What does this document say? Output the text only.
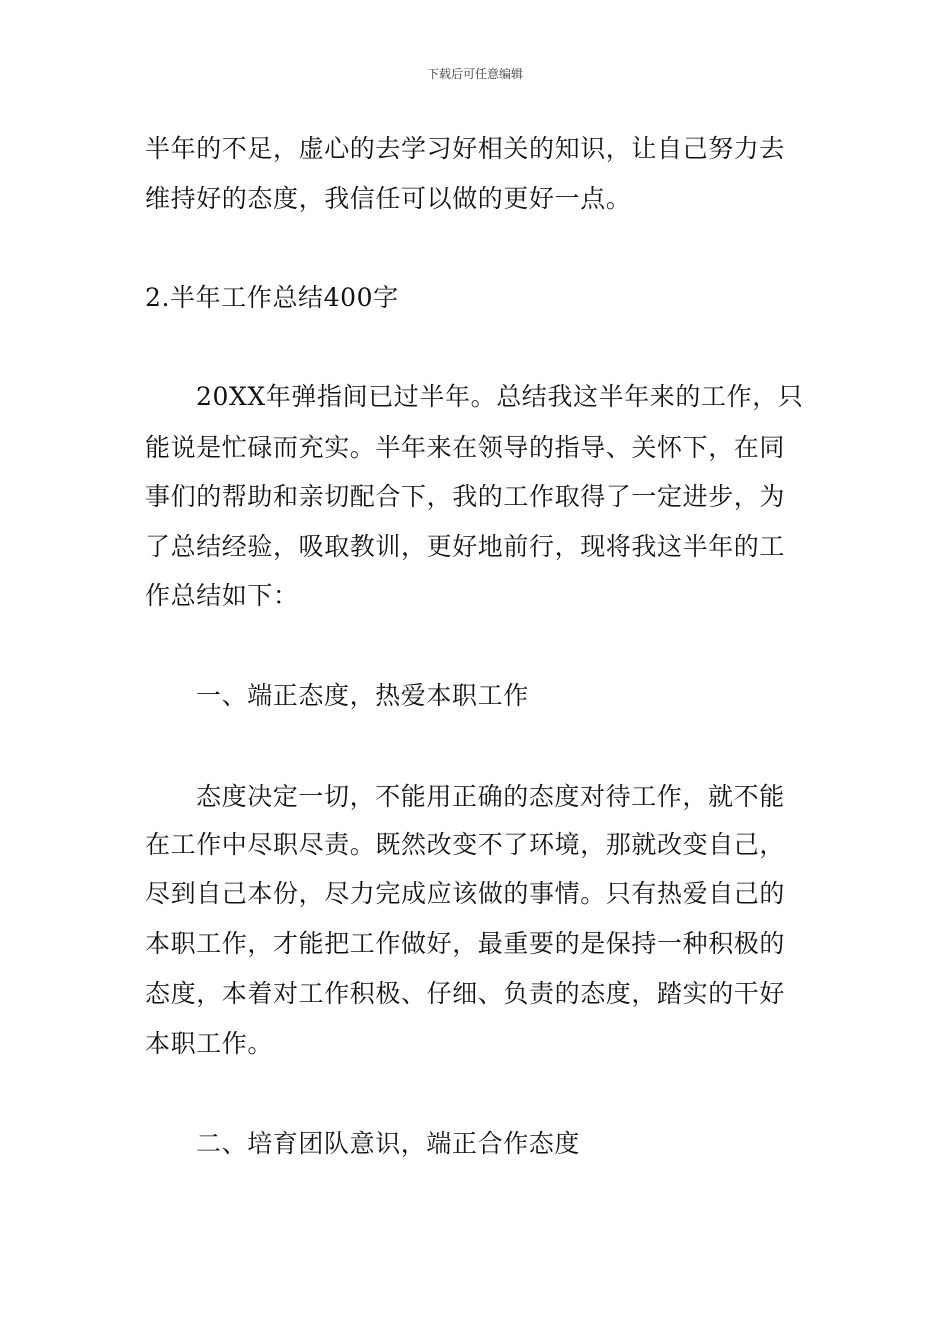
下载后可任意编辑
半年的不足，虚心的去学习好相关的知识，让自己努力去
维持好的态度，我信任可以做的更好一点。
2.半年工作总结400字
20XX年弹指间已过半年。总结我这半年来的工作，只
能说是忙碌而充实。半年来在领导的指导、关怀下，在同
事们的帮助和亲切配合下，我的工作取得了一定进步，为
了总结经验，吸取教训，更好地前行，现将我这半年的工
作总结如下：
一、端正态度，热爱本职工作
态度决定一切，不能用正确的态度对待工作，就不能
在工作中尽职尽责。既然改变不了环境，那就改变自己，
尽到自己本份，尽力完成应该做的事情。只有热爱自己的
本职工作，才能把工作做好，最重要的是保持一种积极的
态度，本着对工作积极、仔细、负责的态度，踏实的干好
本职工作。
二、培育团队意识，端正合作态度
